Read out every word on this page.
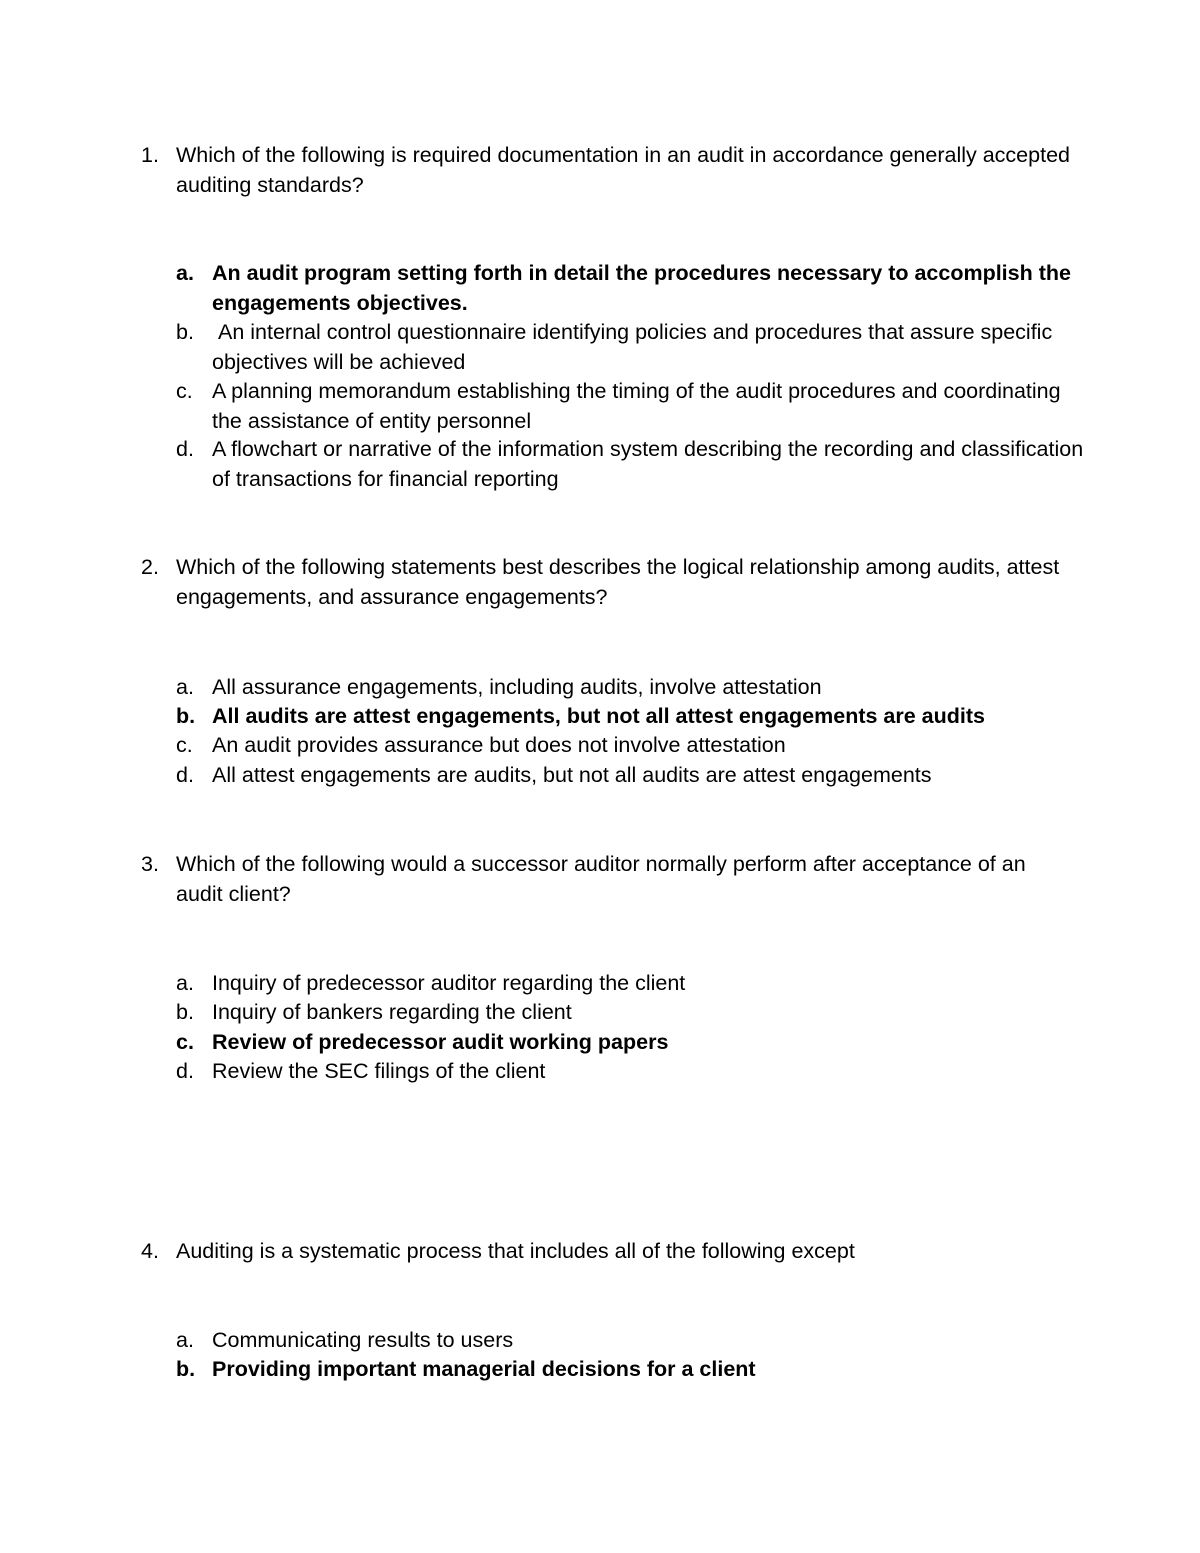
1. Which of the following is required documentation in an audit in accordance generally accepted auditing standards?
a. An audit program setting forth in detail the procedures necessary to accomplish the engagements objectives.
b. An internal control questionnaire identifying policies and procedures that assure specific objectives will be achieved
c. A planning memorandum establishing the timing of the audit procedures and coordinating the assistance of entity personnel
d. A flowchart or narrative of the information system describing the recording and classification of transactions for financial reporting
2. Which of the following statements best describes the logical relationship among audits, attest engagements, and assurance engagements?
a. All assurance engagements, including audits, involve attestation
b. All audits are attest engagements, but not all attest engagements are audits
c. An audit provides assurance but does not involve attestation
d. All attest engagements are audits, but not all audits are attest engagements
3. Which of the following would a successor auditor normally perform after acceptance of an audit client?
a. Inquiry of predecessor auditor regarding the client
b. Inquiry of bankers regarding the client
c. Review of predecessor audit working papers
d. Review the SEC filings of the client
4. Auditing is a systematic process that includes all of the following except
a. Communicating results to users
b. Providing important managerial decisions for a client
